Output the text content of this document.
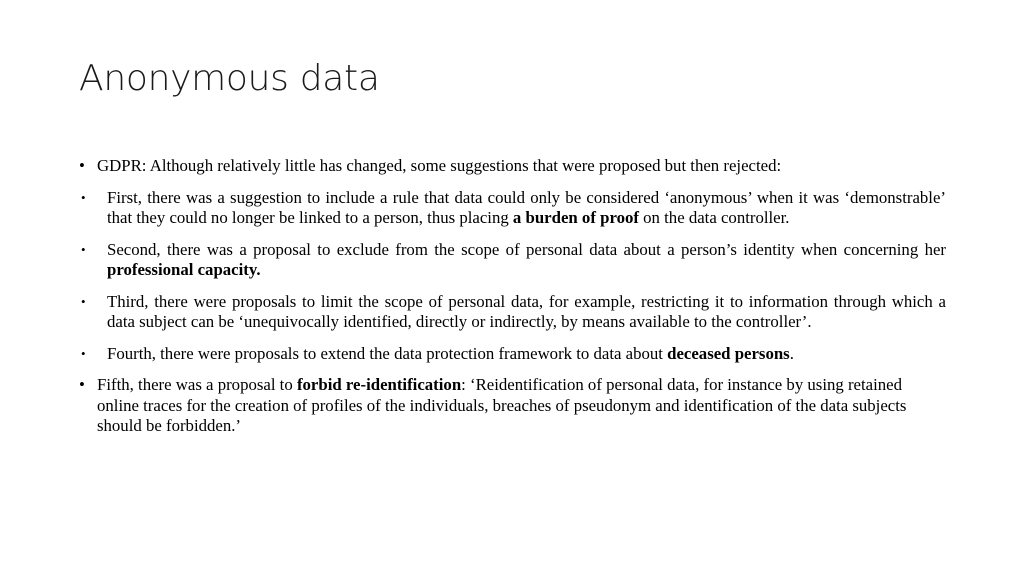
Anonymous data
• GDPR: Although relatively little has changed, some suggestions that were proposed but then rejected:
•	First, there was a suggestion to include a rule that data could only be considered ‘anonymous’ when it was ‘demonstrable’ that they could no longer be linked to a person, thus placing a burden of proof on the data controller.
•	Second, there was a proposal to exclude from the scope of personal data about a person’s identity when concerning her professional capacity.
•	Third, there were proposals to limit the scope of personal data, for example, restricting it to information through which a data subject can be ‘unequivocally identified, directly or indirectly, by means available to the controller’.
•	Fourth, there were proposals to extend the data protection framework to data about deceased persons.
• Fifth, there was a proposal to forbid re-identification: ‘Reidentification of personal data, for instance by using retained online traces for the creation of profiles of the individuals, breaches of pseudonym and identification of the data subjects should be forbidden.’
